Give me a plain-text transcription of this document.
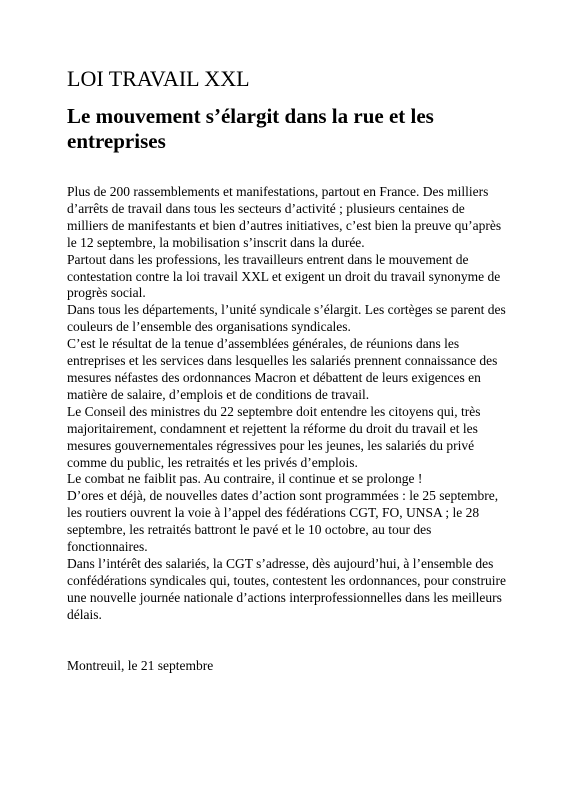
LOI TRAVAIL XXL
Le mouvement s’élargit dans la rue et les entreprises

Plus de 200 rassemblements et manifestations, partout en France. Des milliers d’arrêts de travail dans tous les secteurs d’activité ; plusieurs centaines de milliers de manifestants et bien d’autres initiatives, c’est bien la preuve qu’après le 12 septembre, la mobilisation s’inscrit dans la durée.

Partout dans les professions, les travailleurs entrent dans le mouvement de contestation contre la loi travail XXL et exigent un droit du travail synonyme de progrès social.

Dans tous les départements, l’unité syndicale s’élargit. Les cortèges se parent des couleurs de l’ensemble des organisations syndicales.

C’est le résultat de la tenue d’assemblées générales, de réunions dans les entreprises et les services dans lesquelles les salariés prennent connaissance des mesures néfastes des ordonnances Macron et débattent de leurs exigences en matière de salaire, d’emplois et de conditions de travail.

Le Conseil des ministres du 22 septembre doit entendre les citoyens qui, très majoritairement, condamnent et rejettent la réforme du droit du travail et les mesures gouvernementales régressives pour les jeunes, les salariés du privé comme du public, les retraités et les privés d’emplois.

Le combat ne faiblit pas. Au contraire, il continue et se prolonge !

D’ores et déjà, de nouvelles dates d’action sont programmées : le 25 septembre, les routiers ouvrent la voie à l’appel des fédérations CGT, FO, UNSA ; le 28 septembre, les retraités battront le pavé et le 10 octobre, au tour des fonctionnaires.

Dans l’intérêt des salariés, la CGT s’adresse, dès aujourd’hui, à l’ensemble des confédérations syndicales qui, toutes, contestent les ordonnances, pour construire une nouvelle journée nationale d’actions interprofessionnelles dans les meilleurs délais.

Montreuil, le 21 septembre
